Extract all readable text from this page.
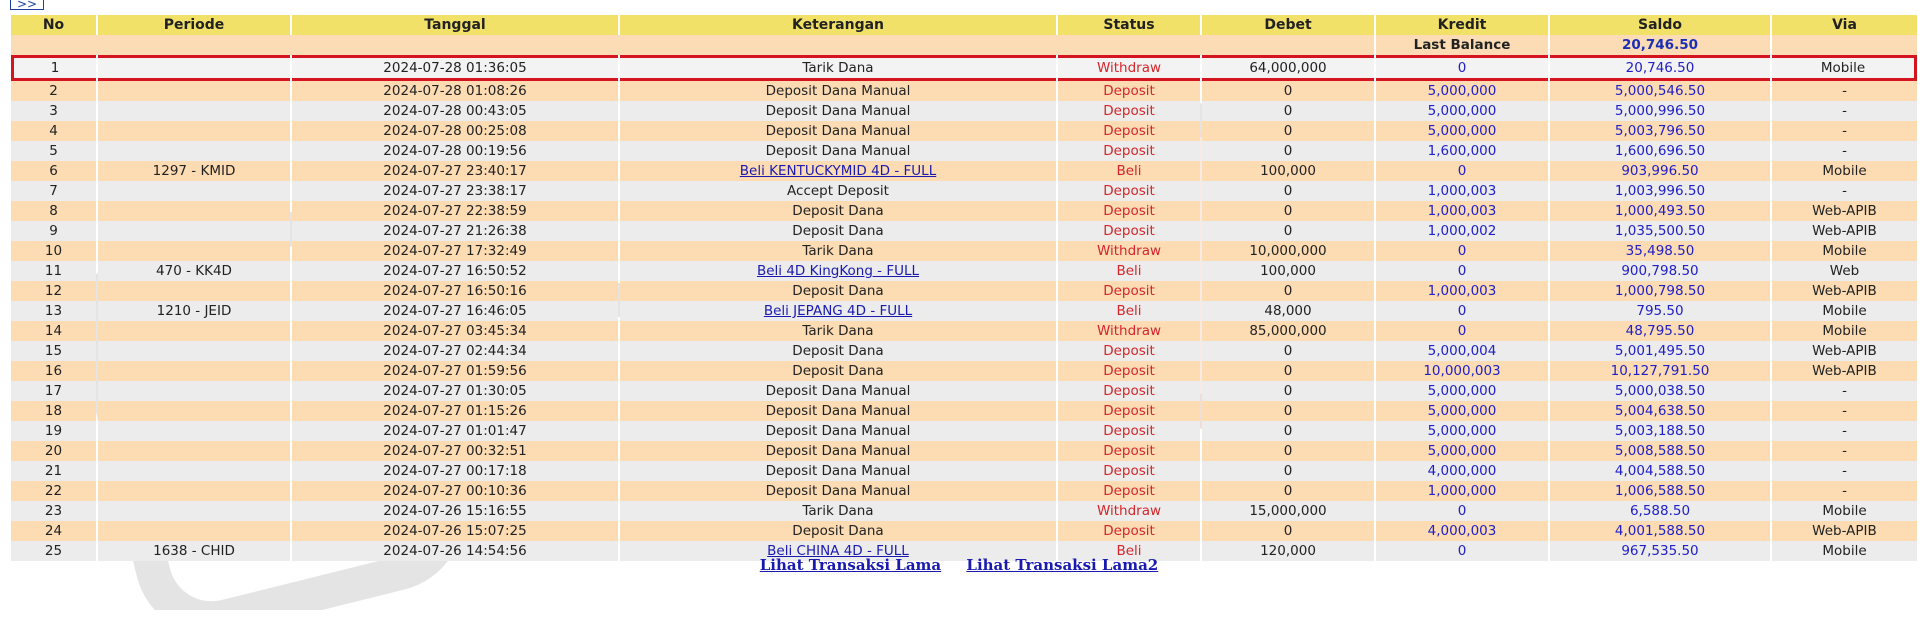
>>
No	Periode	Tanggal	Keterangan	Status	Debet	Kredit	Saldo	Via
						Last Balance	20,746.50	
1		2024-07-28 01:36:05	Tarik Dana	Withdraw	64,000,000	0	20,746.50	Mobile
2		2024-07-28 01:08:26	Deposit Dana Manual	Deposit	0	5,000,000	5,000,546.50	-
3		2024-07-28 00:43:05	Deposit Dana Manual	Deposit	0	5,000,000	5,000,996.50	-
4		2024-07-28 00:25:08	Deposit Dana Manual	Deposit	0	5,000,000	5,003,796.50	-
5		2024-07-28 00:19:56	Deposit Dana Manual	Deposit	0	1,600,000	1,600,696.50	-
6	1297 - KMID	2024-07-27 23:40:17	Beli KENTUCKYMID 4D - FULL	Beli	100,000	0	903,996.50	Mobile
7		2024-07-27 23:38:17	Accept Deposit	Deposit	0	1,000,003	1,003,996.50	-
8		2024-07-27 22:38:59	Deposit Dana	Deposit	0	1,000,003	1,000,493.50	Web-APIB
9		2024-07-27 21:26:38	Deposit Dana	Deposit	0	1,000,002	1,035,500.50	Web-APIB
10		2024-07-27 17:32:49	Tarik Dana	Withdraw	10,000,000	0	35,498.50	Mobile
11	470 - KK4D	2024-07-27 16:50:52	Beli 4D KingKong - FULL	Beli	100,000	0	900,798.50	Web
12		2024-07-27 16:50:16	Deposit Dana	Deposit	0	1,000,003	1,000,798.50	Web-APIB
13	1210 - JEID	2024-07-27 16:46:05	Beli JEPANG 4D - FULL	Beli	48,000	0	795.50	Mobile
14		2024-07-27 03:45:34	Tarik Dana	Withdraw	85,000,000	0	48,795.50	Mobile
15		2024-07-27 02:44:34	Deposit Dana	Deposit	0	5,000,004	5,001,495.50	Web-APIB
16		2024-07-27 01:59:56	Deposit Dana	Deposit	0	10,000,003	10,127,791.50	Web-APIB
17		2024-07-27 01:30:05	Deposit Dana Manual	Deposit	0	5,000,000	5,000,038.50	-
18		2024-07-27 01:15:26	Deposit Dana Manual	Deposit	0	5,000,000	5,004,638.50	-
19		2024-07-27 01:01:47	Deposit Dana Manual	Deposit	0	5,000,000	5,003,188.50	-
20		2024-07-27 00:32:51	Deposit Dana Manual	Deposit	0	5,000,000	5,008,588.50	-
21		2024-07-27 00:17:18	Deposit Dana Manual	Deposit	0	4,000,000	4,004,588.50	-
22		2024-07-27 00:10:36	Deposit Dana Manual	Deposit	0	1,000,000	1,006,588.50	-
23		2024-07-26 15:16:55	Tarik Dana	Withdraw	15,000,000	0	6,588.50	Mobile
24		2024-07-26 15:07:25	Deposit Dana	Deposit	0	4,000,003	4,001,588.50	Web-APIB
25	1638 - CHID	2024-07-26 14:54:56	Beli CHINA 4D - FULL	Beli	120,000	0	967,535.50	Mobile
Lihat Transaksi Lama Lihat Transaksi Lama2
